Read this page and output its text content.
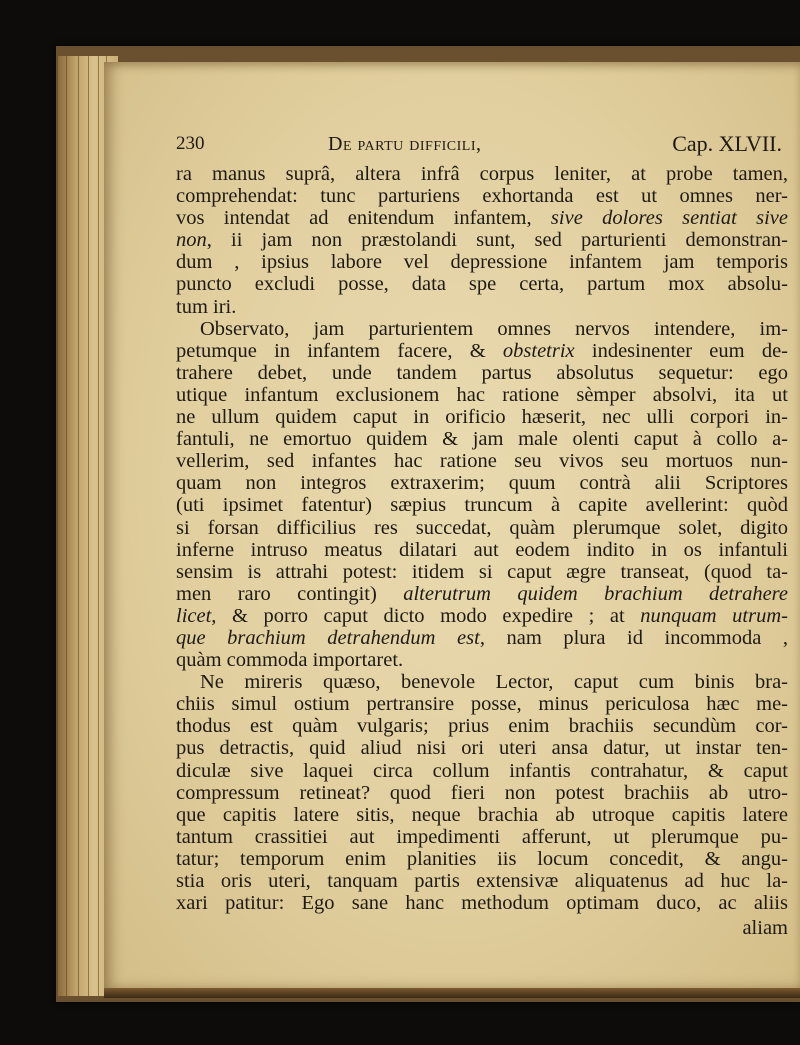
230	De partu difficili,	Cap. XLVII.
ra manus suprâ, altera infrâ corpus leniter, at probe tamen,
comprehendat: tunc parturiens exhortanda est ut omnes ner-
vos intendat ad enitendum infantem, sive dolores sentiat sive
non, ii jam non præstolandi sunt, sed parturienti demonstran-
dum , ipsius labore vel depressione infantem jam temporis
puncto excludi posse, data spe certa, partum mox absolu-
tum iri.
Observato, jam parturientem omnes nervos intendere, im-
petumque in infantem facere, & obstetrix indesinenter eum de-
trahere debet, unde tandem partus absolutus sequetur: ego
utique infantum exclusionem hac ratione sèmper absolvi, ita ut
ne ullum quidem caput in orificio hæserit, nec ulli corpori in-
fantuli, ne emortuo quidem & jam male olenti caput à collo a-
vellerim, sed infantes hac ratione seu vivos seu mortuos nun-
quam non integros extraxerim; quum contrà alii Scriptores
(uti ipsimet fatentur) sæpius truncum à capite avellerint: quòd
si forsan difficilius res succedat, quàm plerumque solet, digito
inferne intruso meatus dilatari aut eodem indito in os infantuli
sensim is attrahi potest: itidem si caput ægre transeat, (quod ta-
men raro contingit) alterutrum quidem brachium detrahere
licet, & porro caput dicto modo expedire ; at nunquam utrum-
que brachium detrahendum est, nam plura id incommoda ,
quàm commoda importaret.
Ne mireris quæso, benevole Lector, caput cum binis bra-
chiis simul ostium pertransire posse, minus periculosa hæc me-
thodus est quàm vulgaris; prius enim brachiis secundùm cor-
pus detractis, quid aliud nisi ori uteri ansa datur, ut instar ten-
diculæ sive laquei circa collum infantis contrahatur, & caput
compressum retineat? quod fieri non potest brachiis ab utro-
que capitis latere sitis, neque brachia ab utroque capitis latere
tantum crassitiei aut impedimenti afferunt, ut plerumque pu-
tatur; temporum enim planities iis locum concedit, & angu-
stia oris uteri, tanquam partis extensivæ aliquatenus ad huc la-
xari patitur: Ego sane hanc methodum optimam duco, ac aliis
aliam
